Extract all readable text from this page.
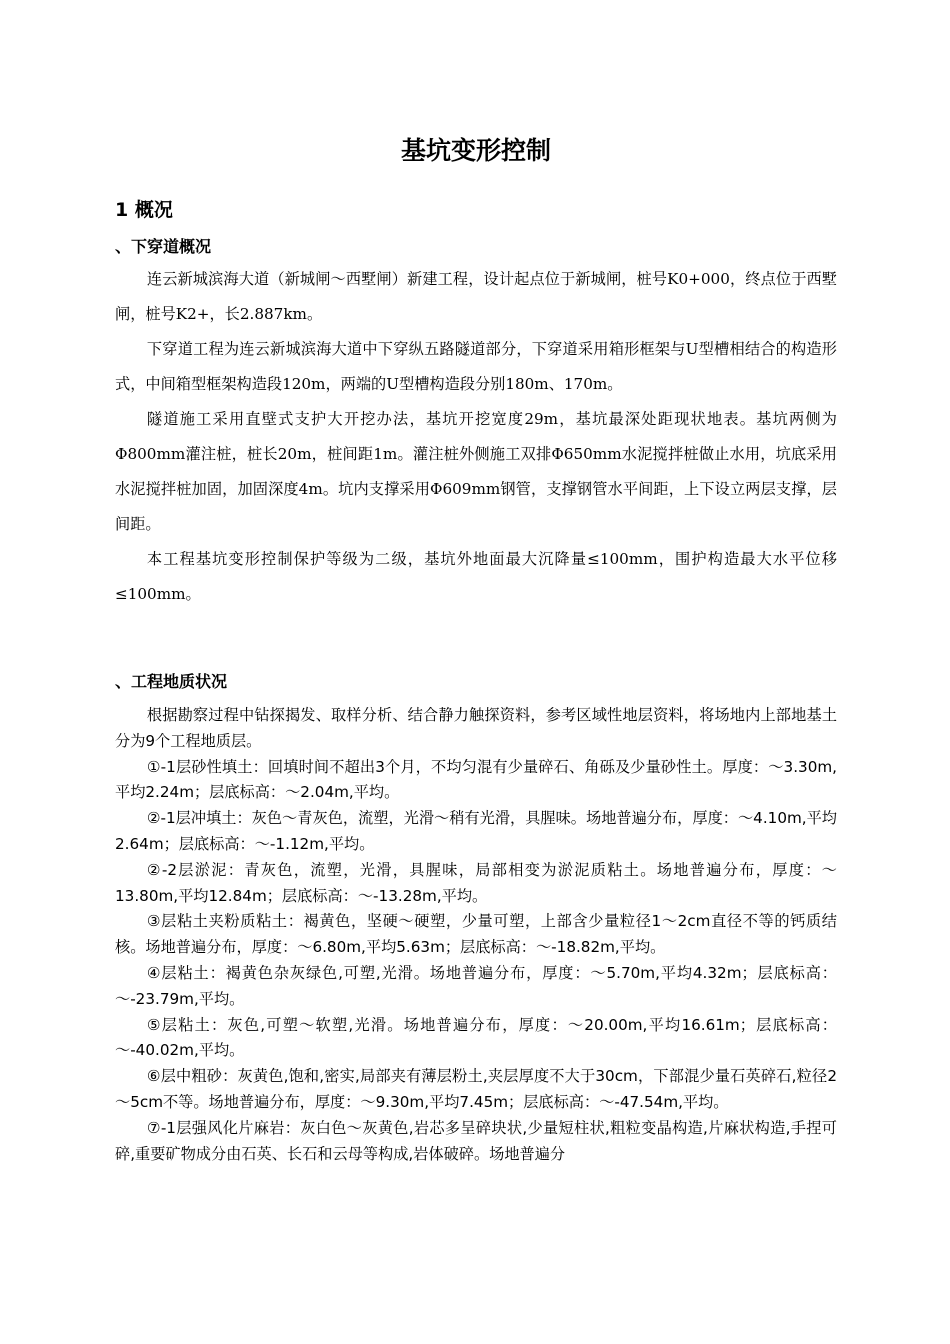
基坑变形控制
1 概况
、下穿道概况

连云新城滨海大道（新城闸～西墅闸）新建工程，设计起点位于新城闸，桩号K0+000，终点位于西墅闸，桩号K2+，长2.887km。

下穿道工程为连云新城滨海大道中下穿纵五路隧道部分，下穿道采用箱形框架与U型槽相结合的构造形式，中间箱型框架构造段120m，两端的U型槽构造段分别180m、170m。

隧道施工采用直壁式支护大开挖办法，基坑开挖宽度29m，基坑最深处距现状地表。基坑两侧为Φ800mm灌注桩，桩长20m，桩间距1m。灌注桩外侧施工双排Φ650mm水泥搅拌桩做止水用，坑底采用水泥搅拌桩加固，加固深度4m。坑内支撑采用Φ609mm钢管，支撑钢管水平间距，上下设立两层支撑，层间距。

本工程基坑变形控制保护等级为二级，基坑外地面最大沉降量≤100mm，围护构造最大水平位移≤100mm。

、工程地质状况

根据勘察过程中钻探揭发、取样分析、结合静力触探资料，参考区域性地层资料，将场地内上部地基土分为9个工程地质层。

①-1层砂性填土：回填时间不超出3个月，不均匀混有少量碎石、角砾及少量砂性土。厚度：～3.30m,平均2.24m；层底标高：～2.04m,平均。

②-1层冲填土：灰色～青灰色，流塑，光滑～稍有光滑，具腥味。场地普遍分布，厚度：～4.10m,平均2.64m；层底标高：～-1.12m,平均。

②-2层淤泥：青灰色，流塑，光滑，具腥味，局部相变为淤泥质粘土。场地普遍分布，厚度：～13.80m,平均12.84m；层底标高：～-13.28m,平均。

③层粘土夹粉质粘土：褐黄色，坚硬～硬塑，少量可塑，上部含少量粒径1～2cm直径不等的钙质结核。场地普遍分布，厚度：～6.80m,平均5.63m；层底标高：～-18.82m,平均。

④层粘土：褐黄色杂灰绿色,可塑,光滑。场地普遍分布，厚度：～5.70m,平均4.32m；层底标高：～-23.79m,平均。

⑤层粘土：灰色,可塑～软塑,光滑。场地普遍分布，厚度：～20.00m,平均16.61m；层底标高：～-40.02m,平均。

⑥层中粗砂：灰黄色,饱和,密实,局部夹有薄层粉土,夹层厚度不大于30cm，下部混少量石英碎石,粒径2～5cm不等。场地普遍分布，厚度：～9.30m,平均7.45m；层底标高：～-47.54m,平均。

⑦-1层强风化片麻岩：灰白色～灰黄色,岩芯多呈碎块状,少量短柱状,粗粒变晶构造,片麻状构造,手捏可碎,重要矿物成分由石英、长石和云母等构成,岩体破碎。场地普遍分
